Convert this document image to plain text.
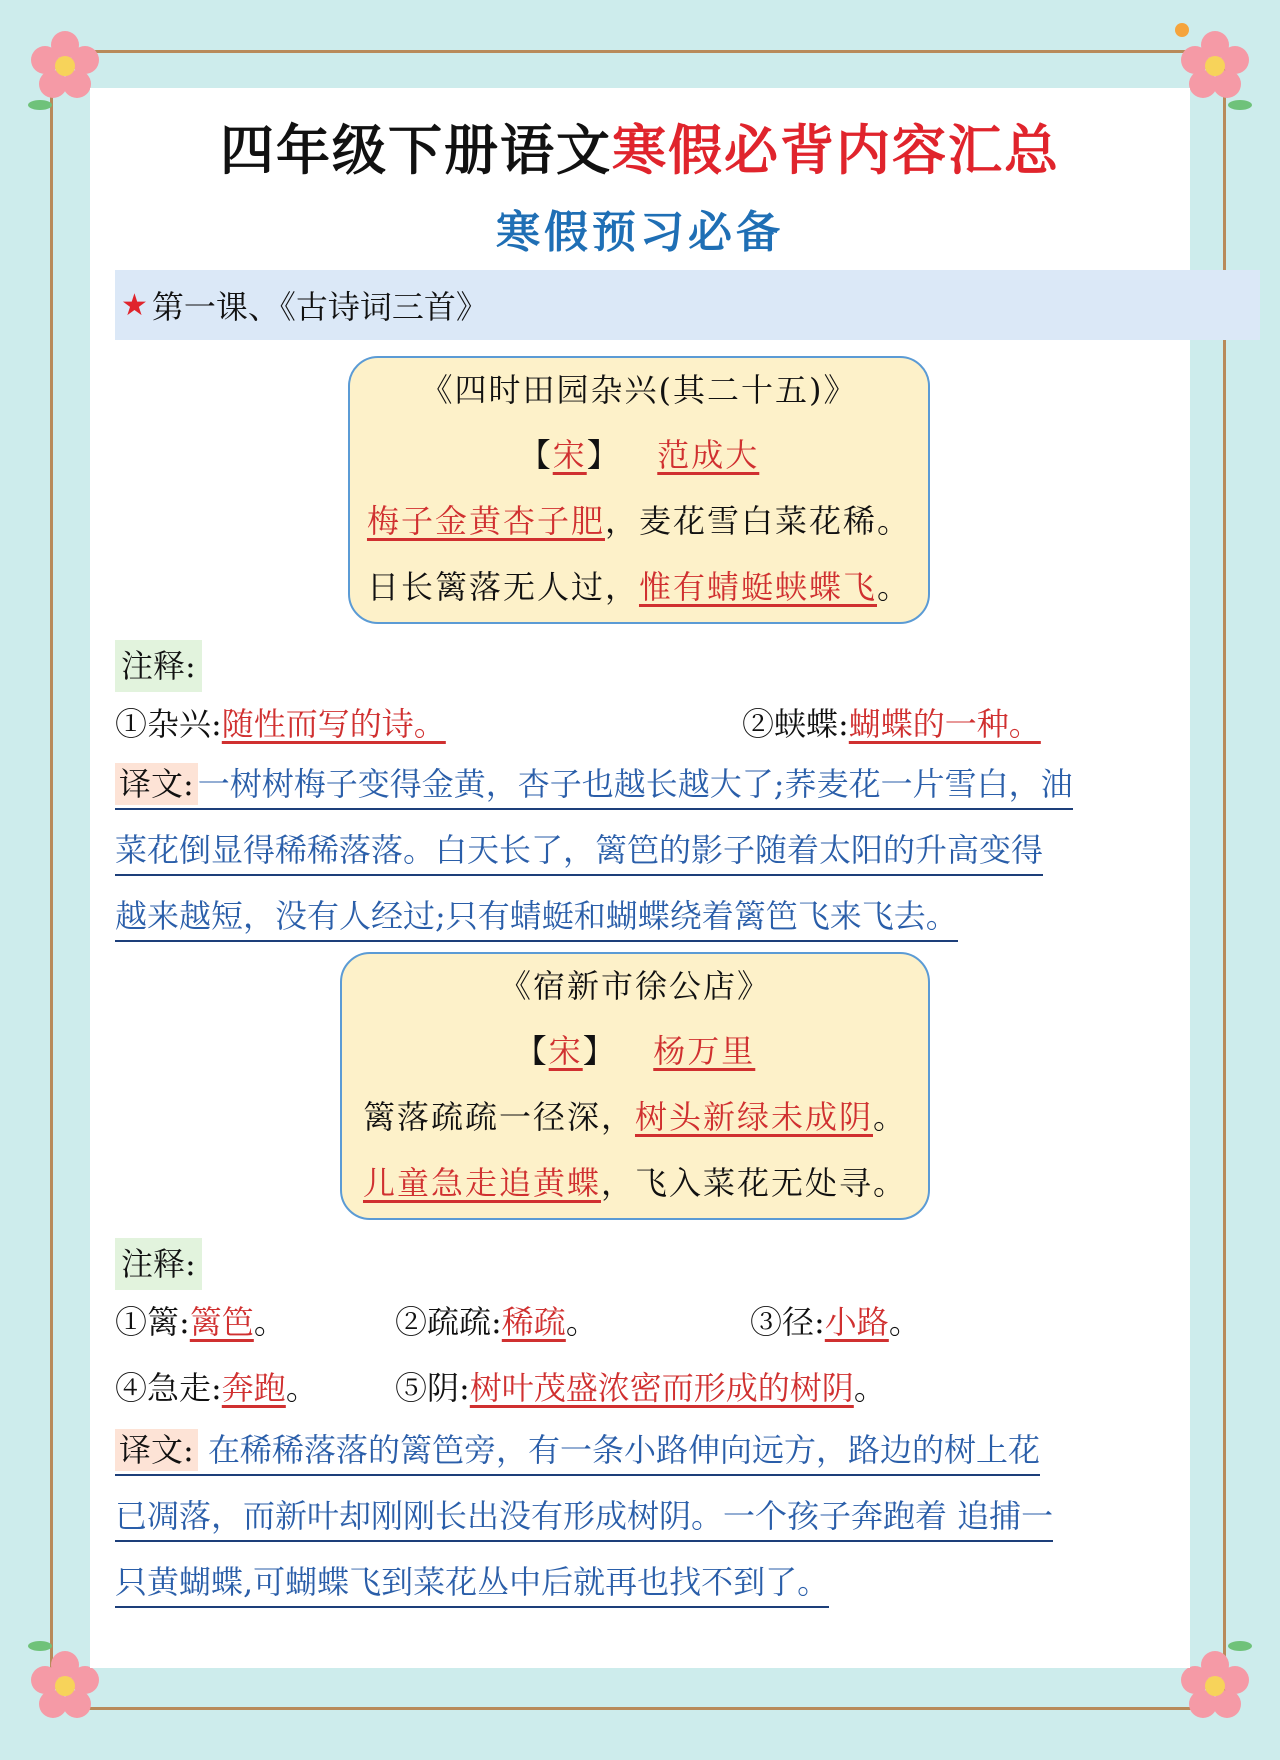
四年级下册语文寒假必背内容汇总
寒假预习必备
★ 第一课、《古诗词三首》
《四时田园杂兴(其二十五)》
【宋】 范成大
梅子金黄杏子肥，麦花雪白菜花稀。
日长篱落无人过，惟有蜻蜓蛱蝶飞。
注释:
①杂兴:随性而写的诗。	②蛱蝶:蝴蝶的一种。
译文: 一树树梅子变得金黄，杏子也越长越大了;荞麦花一片雪白，油
菜花倒显得稀稀落落。白天长了，篱笆的影子随着太阳的升高变得
越来越短，没有人经过;只有蜻蜓和蝴蝶绕着篱笆飞来飞去。
《宿新市徐公店》
【宋】 杨万里
篱落疏疏一径深，树头新绿未成阴。
儿童急走追黄蝶，飞入菜花无处寻。
注释:
①篱:篱笆。	②疏疏:稀疏。	③径:小路。
④急走:奔跑。 ⑤阴:树叶茂盛浓密而形成的树阴。
译文: 在稀稀落落的篱笆旁，有一条小路伸向远方，路边的树上花
已凋落，而新叶却刚刚长出没有形成树阴。一个孩子奔跑着 追捕一
只黄蝴蝶,可蝴蝶飞到菜花丛中后就再也找不到了。
